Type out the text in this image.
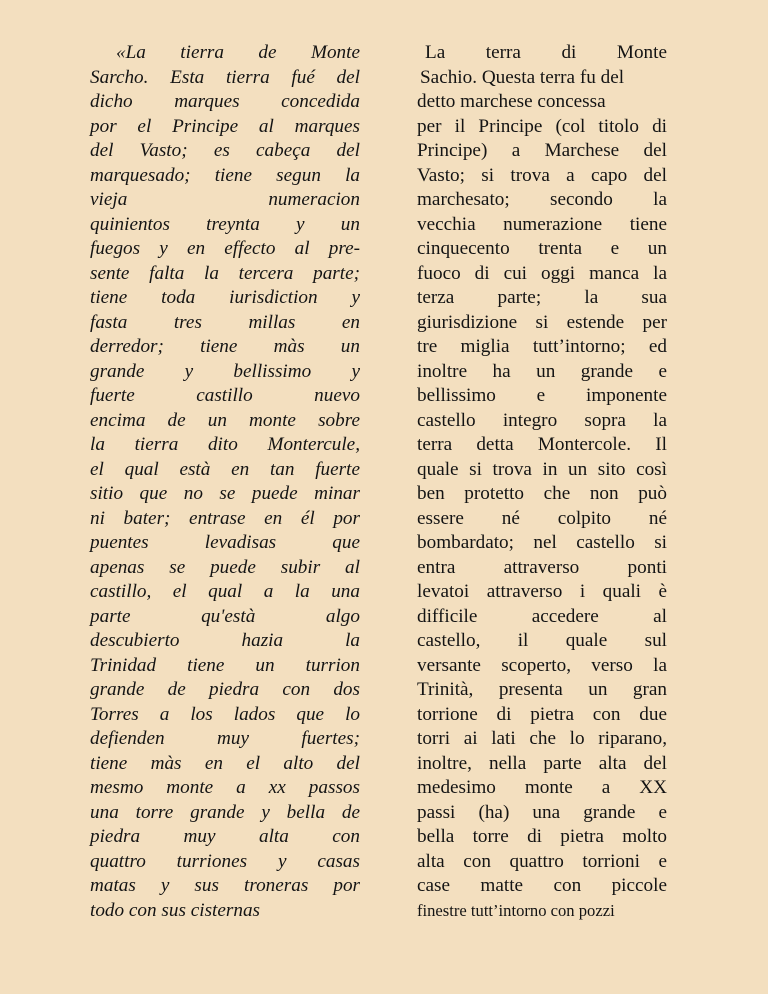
«La tierra de Monte
Sarcho. Esta tierra fué del
dicho marques concedida
por el Principe al marques
del Vasto; es cabeça del
marquesado; tiene segun la
vieja numeracion
quinientos treynta y un
fuegos y en effecto al pre-
sente falta la tercera parte;
tiene toda iurisdiction y
fasta tres millas en
derredor; tiene màs un
grande y bellissimo y
fuerte castillo nuevo
encima de un monte sobre
la tierra dito Montercule,
el qual està en tan fuerte
sitio que no se puede minar
ni bater; entrase en él por
puentes levadisas que
apenas se puede subir al
castillo, el qual a la una
parte qu'està algo
descubierto hazia la
Trinidad tiene un turrion
grande de piedra con dos
Torres a los lados que lo
defienden muy fuertes;
tiene màs en el alto del
mesmo monte a xx passos
una torre grande y bella de
piedra muy alta con
quattro turriones y casas
matas y sus troneras por
todo con sus cisternas
La terra di Monte
Sachio. Questa terra fu del
detto marchese concessa
per il Principe (col titolo di
Principe) a Marchese del
Vasto; si trova a capo del
marchesato; secondo la
vecchia numerazione tiene
cinquecento trenta e un
fuoco di cui oggi manca la
terza parte; la sua
giurisdizione si estende per
tre miglia tutt’intorno; ed
inoltre ha un grande e
bellissimo e imponente
castello integro sopra la
terra detta Montercole. Il
quale si trova in un sito così
ben protetto che non può
essere né colpito né
bombardato; nel castello si
entra attraverso ponti
levatoi attraverso i quali è
difficile accedere al
castello, il quale sul
versante scoperto, verso la
Trinità, presenta un gran
torrione di pietra con due
torri ai lati che lo riparano,
inoltre, nella parte alta del
medesimo monte a XX
passi (ha) una grande e
bella torre di pietra molto
alta con quattro torrioni e
case matte con piccole
finestre tutt’intorno con pozzi
